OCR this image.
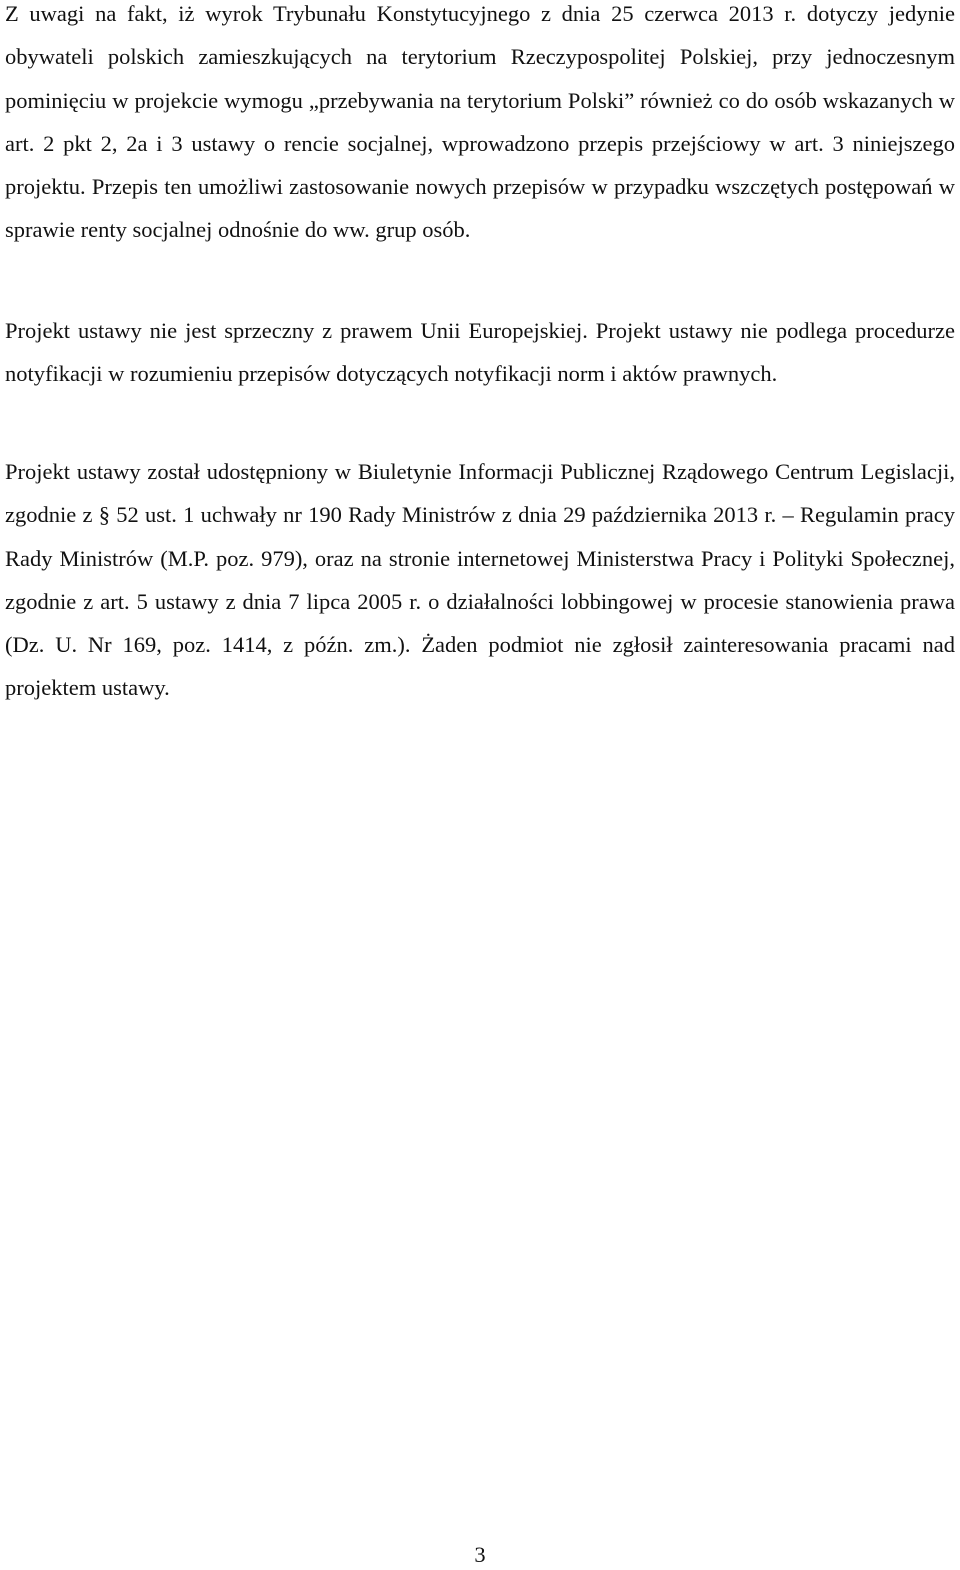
Z uwagi na fakt, iż wyrok Trybunału Konstytucyjnego z dnia 25 czerwca 2013 r. dotyczy jedynie obywateli polskich zamieszkujących na terytorium Rzeczypospolitej Polskiej, przy jednoczesnym pominięciu w projekcie wymogu „przebywania na terytorium Polski” również co do osób wskazanych w art. 2 pkt 2, 2a i 3 ustawy o rencie socjalnej, wprowadzono przepis przejściowy w art. 3 niniejszego projektu. Przepis ten umożliwi zastosowanie nowych przepisów w przypadku wszczętych postępowań w sprawie renty socjalnej odnośnie do ww. grup osób.

Projekt ustawy nie jest sprzeczny z prawem Unii Europejskiej. Projekt ustawy nie podlega procedurze notyfikacji w rozumieniu przepisów dotyczących notyfikacji norm i aktów prawnych.

Projekt ustawy został udostępniony w Biuletynie Informacji Publicznej Rządowego Centrum Legislacji, zgodnie z § 52 ust. 1 uchwały nr 190 Rady Ministrów z dnia 29 października 2013 r. – Regulamin pracy Rady Ministrów (M.P. poz. 979), oraz na stronie internetowej Ministerstwa Pracy i Polityki Społecznej, zgodnie z art. 5 ustawy z dnia 7 lipca 2005 r. o działalności lobbingowej w procesie stanowienia prawa (Dz. U. Nr 169, poz. 1414, z późn. zm.). Żaden podmiot nie zgłosił zainteresowania pracami nad projektem ustawy.

3
